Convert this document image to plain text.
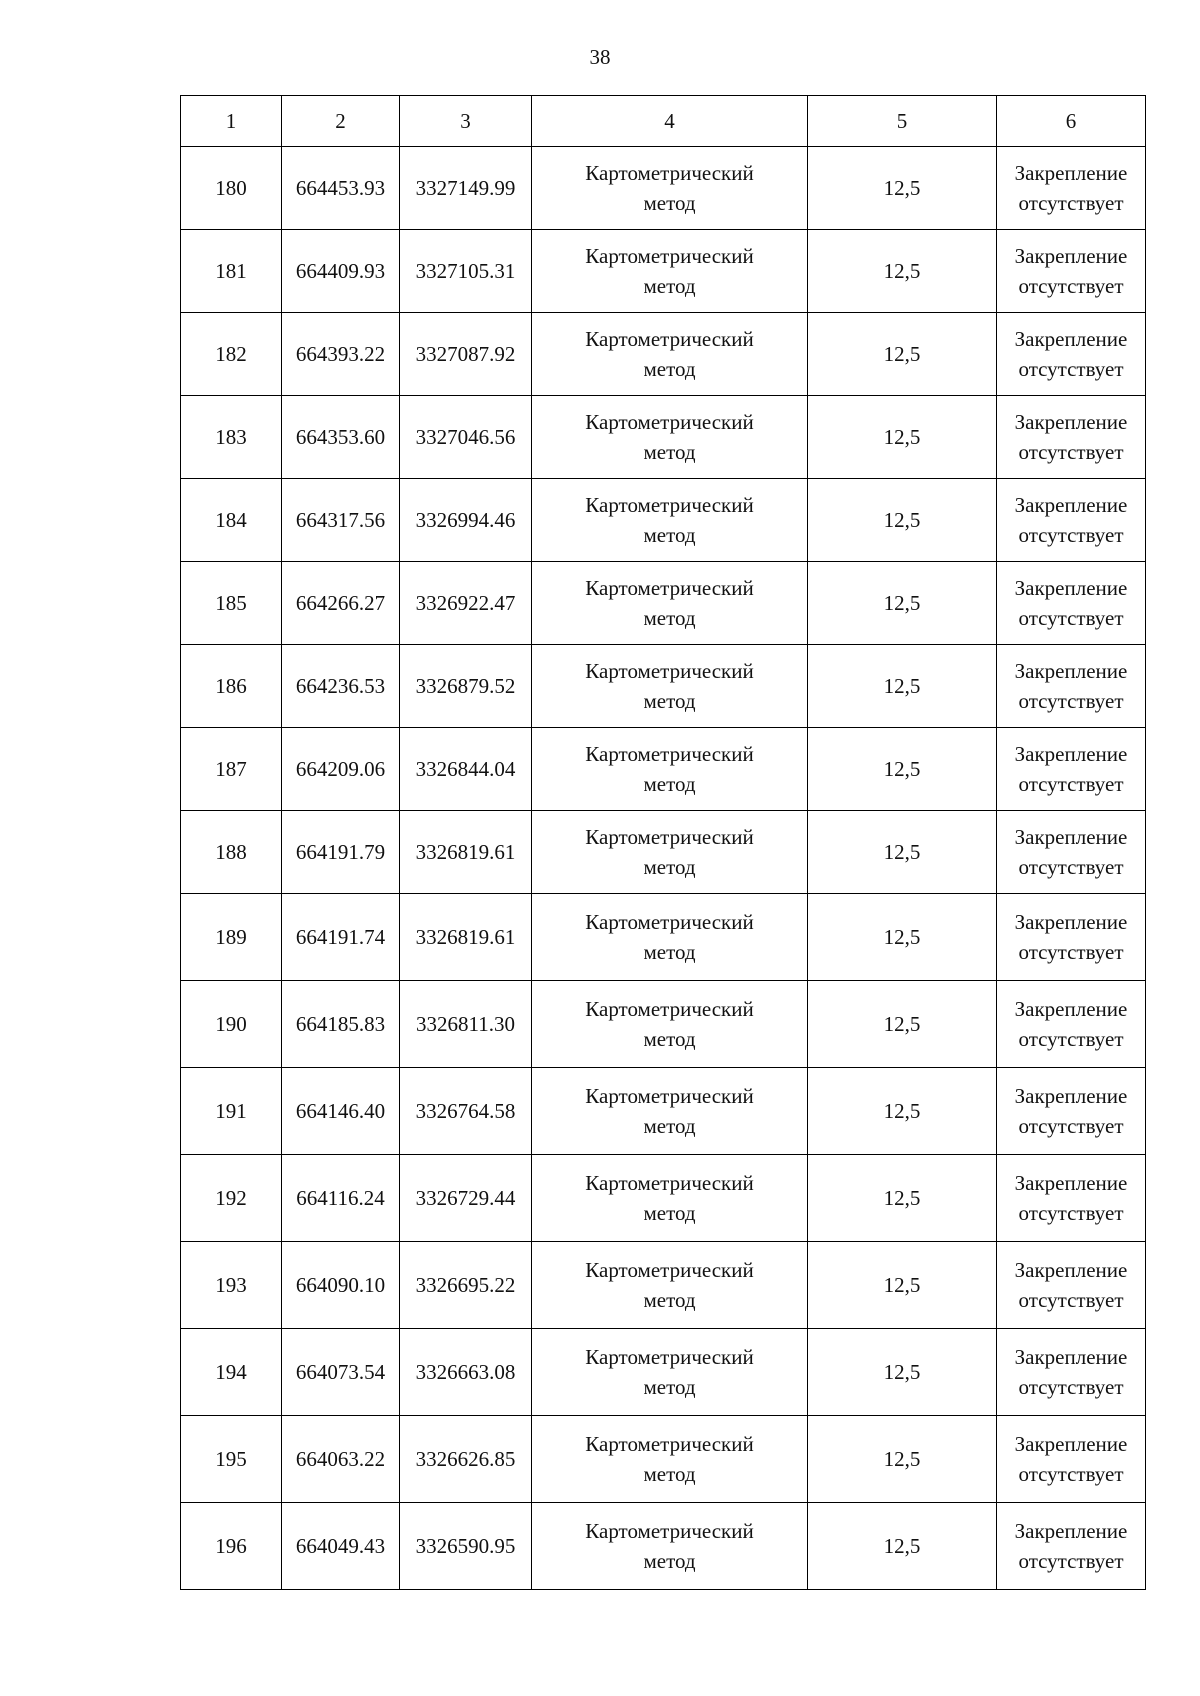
38
1	2	3	4	5	6
180	664453.93	3327149.99	Картометрический метод	12,5	Закрепление отсутствует
181	664409.93	3327105.31	Картометрический метод	12,5	Закрепление отсутствует
182	664393.22	3327087.92	Картометрический метод	12,5	Закрепление отсутствует
183	664353.60	3327046.56	Картометрический метод	12,5	Закрепление отсутствует
184	664317.56	3326994.46	Картометрический метод	12,5	Закрепление отсутствует
185	664266.27	3326922.47	Картометрический метод	12,5	Закрепление отсутствует
186	664236.53	3326879.52	Картометрический метод	12,5	Закрепление отсутствует
187	664209.06	3326844.04	Картометрический метод	12,5	Закрепление отсутствует
188	664191.79	3326819.61	Картометрический метод	12,5	Закрепление отсутствует
189	664191.74	3326819.61	Картометрический метод	12,5	Закрепление отсутствует
190	664185.83	3326811.30	Картометрический метод	12,5	Закрепление отсутствует
191	664146.40	3326764.58	Картометрический метод	12,5	Закрепление отсутствует
192	664116.24	3326729.44	Картометрический метод	12,5	Закрепление отсутствует
193	664090.10	3326695.22	Картометрический метод	12,5	Закрепление отсутствует
194	664073.54	3326663.08	Картометрический метод	12,5	Закрепление отсутствует
195	664063.22	3326626.85	Картометрический метод	12,5	Закрепление отсутствует
196	664049.43	3326590.95	Картометрический метод	12,5	Закрепление отсутствует
